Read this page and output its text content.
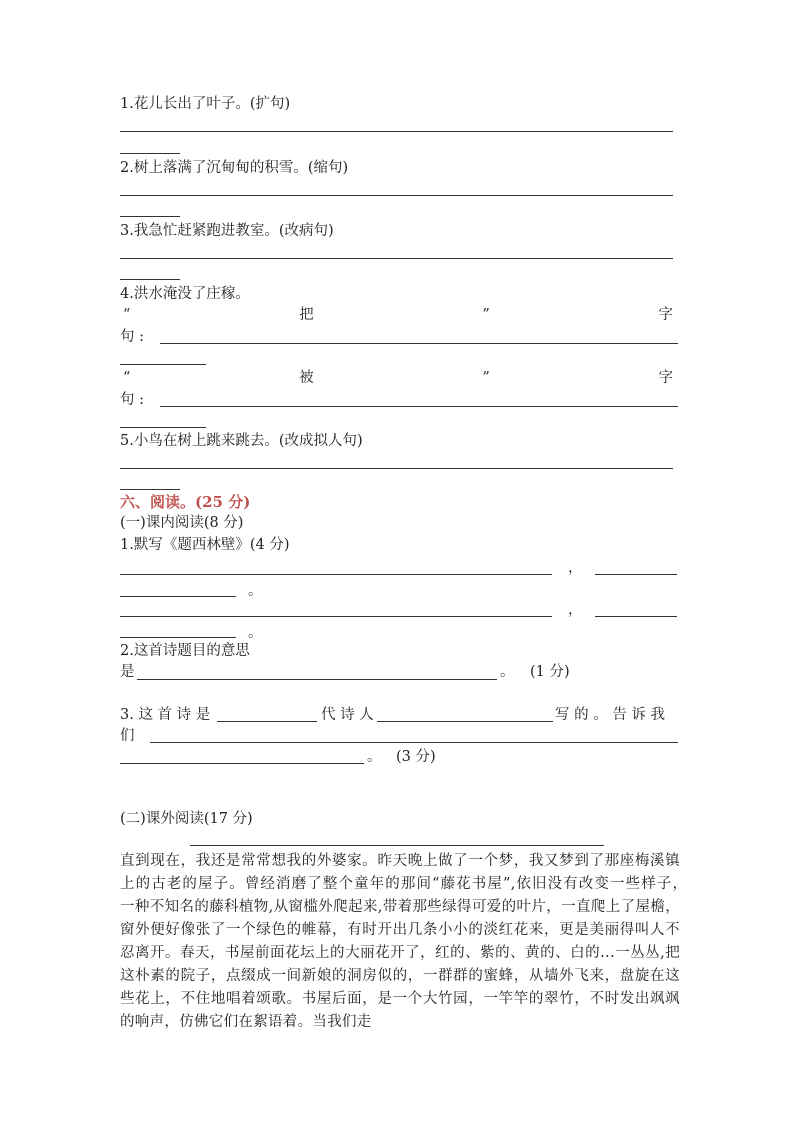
1.花儿长出了叶子。(扩句)
2.树上落满了沉甸甸的积雪。(缩句)
3.我急忙赶紧跑进教室。(改病句)
4.洪水淹没了庄稼。
“	把	”	字
句 :
“	被	”	字
句 :
5.小鸟在树上跳来跳去。(改成拟人句)
六、阅读。(25 分)
(一)课内阅读(8 分)
1.默写《题西林壁》(4 分)
，
。
，
。
2.这首诗题目的意思
是	。 (1 分)
3. 这 首 诗 是	代 诗 人	写 的 。 告 诉 我
们
。 (3 分)
(二)课外阅读(17 分)
直到现在，我还是常常想我的外婆家。昨天晚上做了一个梦，我又梦到了那座梅溪镇上的古老的屋子。曾经消磨了整个童年的那间“藤花书屋”,依旧没有改变一些样子，　一种不知名的藤科植物,从窗槛外爬起来,带着那些绿得可爱的叶片，一直爬上了屋檐，窗外便好像张了一个绿色的帷幕，有时开出几条小小的淡红花来，更是美丽得叫人不忍离开。春天，书屋前面花坛上的大丽花开了，红的、紫的、黄的、白的...一丛丛,把这朴素的院子，点缀成一间新娘的洞房似的，一群群的蜜蜂，从墙外飞来，盘旋在这些花上，不住地唱着颂歌。书屋后面，是一个大竹园，一竿竿的翠竹，不时发出飒飒的响声，仿佛它们在絮语着。当我们走
